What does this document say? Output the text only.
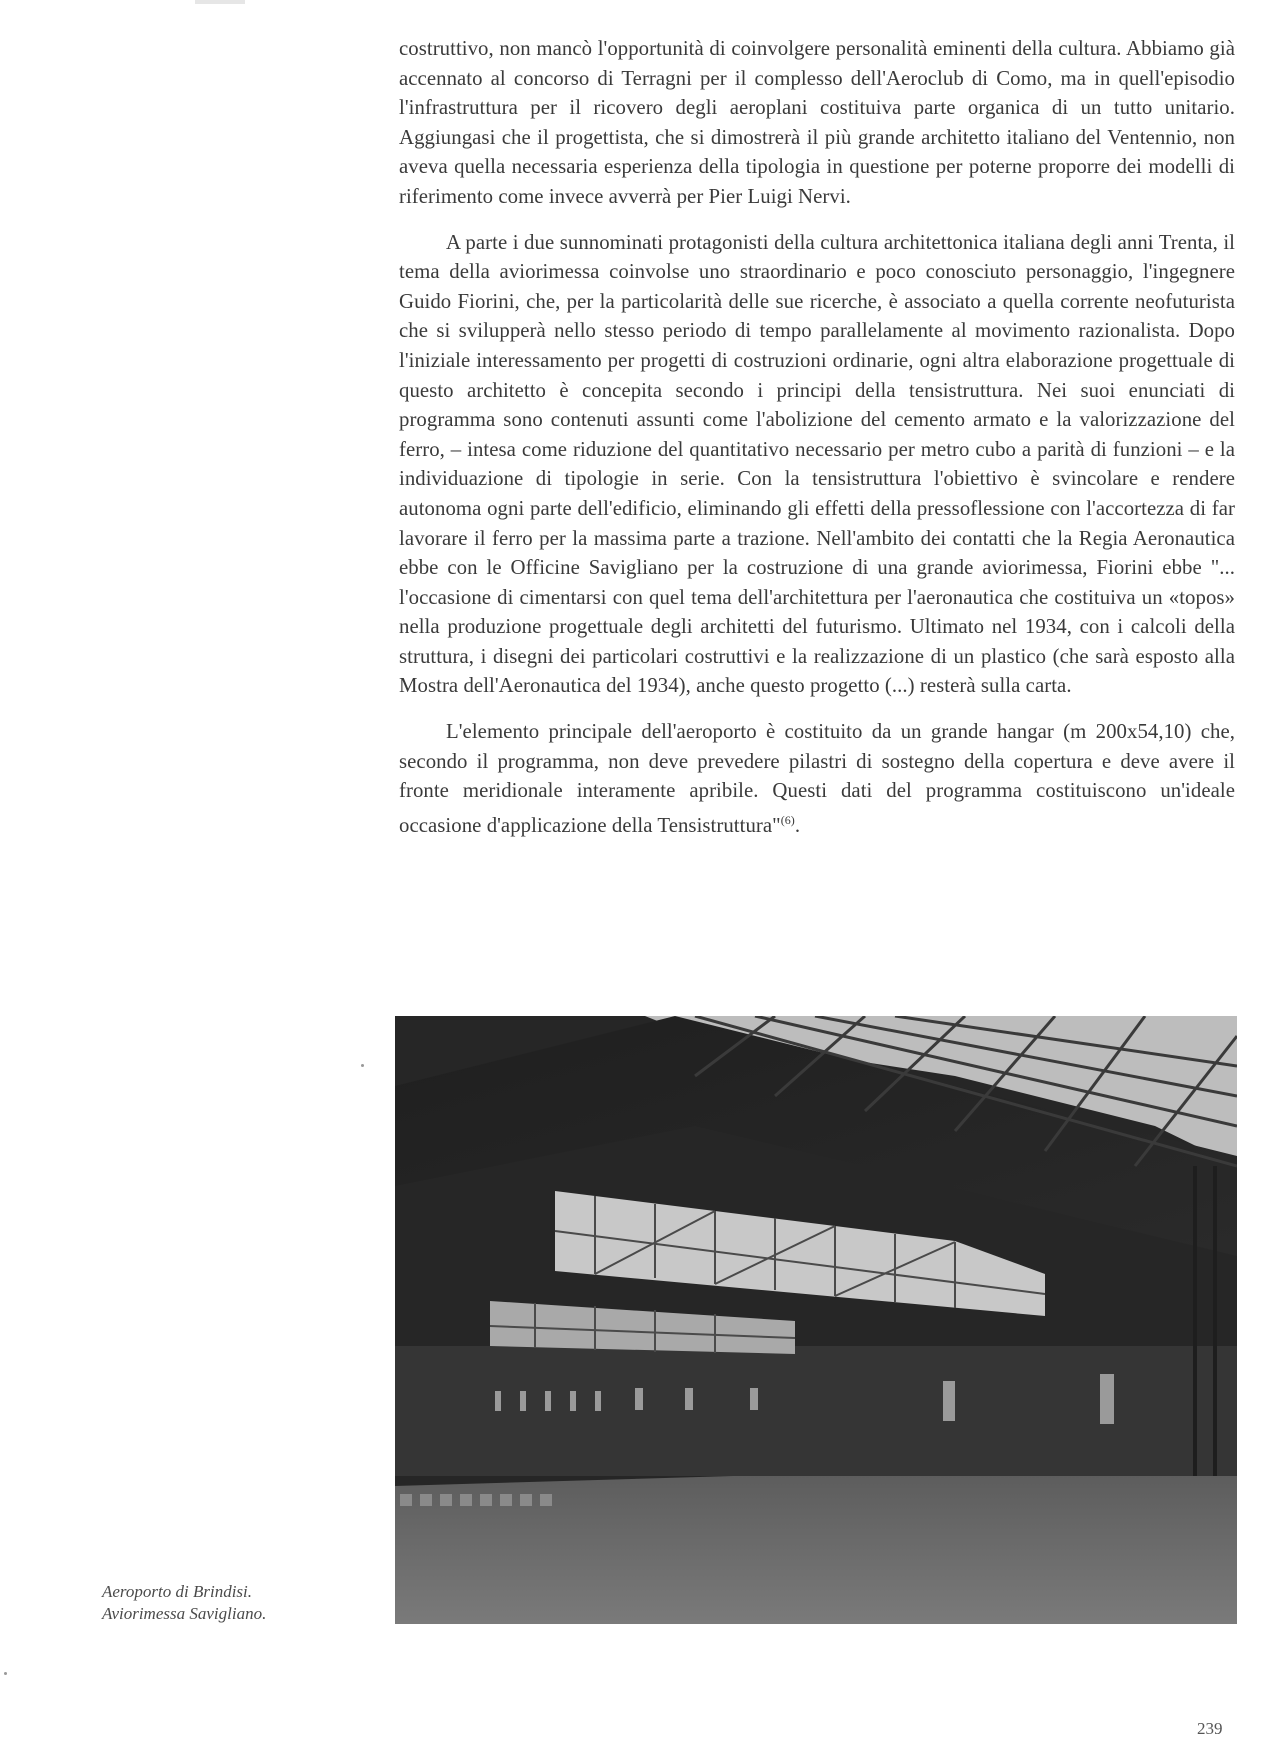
costruttivo, non mancò l'opportunità di coinvolgere personalità eminenti della cultura. Abbiamo già accennato al concorso di Terragni per il complesso dell'Aeroclub di Como, ma in quell'episodio l'infrastruttura per il ricovero degli aeroplani costituiva parte organica di un tutto unitario. Aggiungasi che il progettista, che si dimostrerà il più grande architetto italiano del Ventennio, non aveva quella necessaria esperienza della tipologia in questione per poterne proporre dei modelli di riferimento come invece avverrà per Pier Luigi Nervi.

A parte i due sunnominati protagonisti della cultura architettonica italiana degli anni Trenta, il tema della aviorimessa coinvolse uno straordinario e poco conosciuto personaggio, l'ingegnere Guido Fiorini, che, per la particolarità delle sue ricerche, è associato a quella corrente neofuturista che si svilupperà nello stesso periodo di tempo parallelamente al movimento razionalista. Dopo l'iniziale interessamento per progetti di costruzioni ordinarie, ogni altra elaborazione progettuale di questo architetto è concepita secondo i principi della tensistruttura. Nei suoi enunciati di programma sono contenuti assunti come l'abolizione del cemento armato e la valorizzazione del ferro, – intesa come riduzione del quantitativo necessario per metro cubo a parità di funzioni – e la individuazione di tipologie in serie. Con la tensistruttura l'obiettivo è svincolare e rendere autonoma ogni parte dell'edificio, eliminando gli effetti della pressoflessione con l'accortezza di far lavorare il ferro per la massima parte a trazione. Nell'ambito dei contatti che la Regia Aeronautica ebbe con le Officine Savigliano per la costruzione di una grande aviorimessa, Fiorini ebbe "... l'occasione di cimentarsi con quel tema dell'architettura per l'aeronautica che costituiva un «topos» nella produzione progettuale degli architetti del futurismo. Ultimato nel 1934, con i calcoli della struttura, i disegni dei particolari costruttivi e la realizzazione di un plastico (che sarà esposto alla Mostra dell'Aeronautica del 1934), anche questo progetto (...) resterà sulla carta.

L'elemento principale dell'aeroporto è costituito da un grande hangar (m 200x54,10) che, secondo il programma, non deve prevedere pilastri di sostegno della copertura e deve avere il fronte meridionale interamente apribile. Questi dati del programma costituiscono un'ideale occasione d'applicazione della Tensistruttura"$^{(6)}$.

Aeroporto di Brindisi.
Aviorimessa Savigliano.
239
